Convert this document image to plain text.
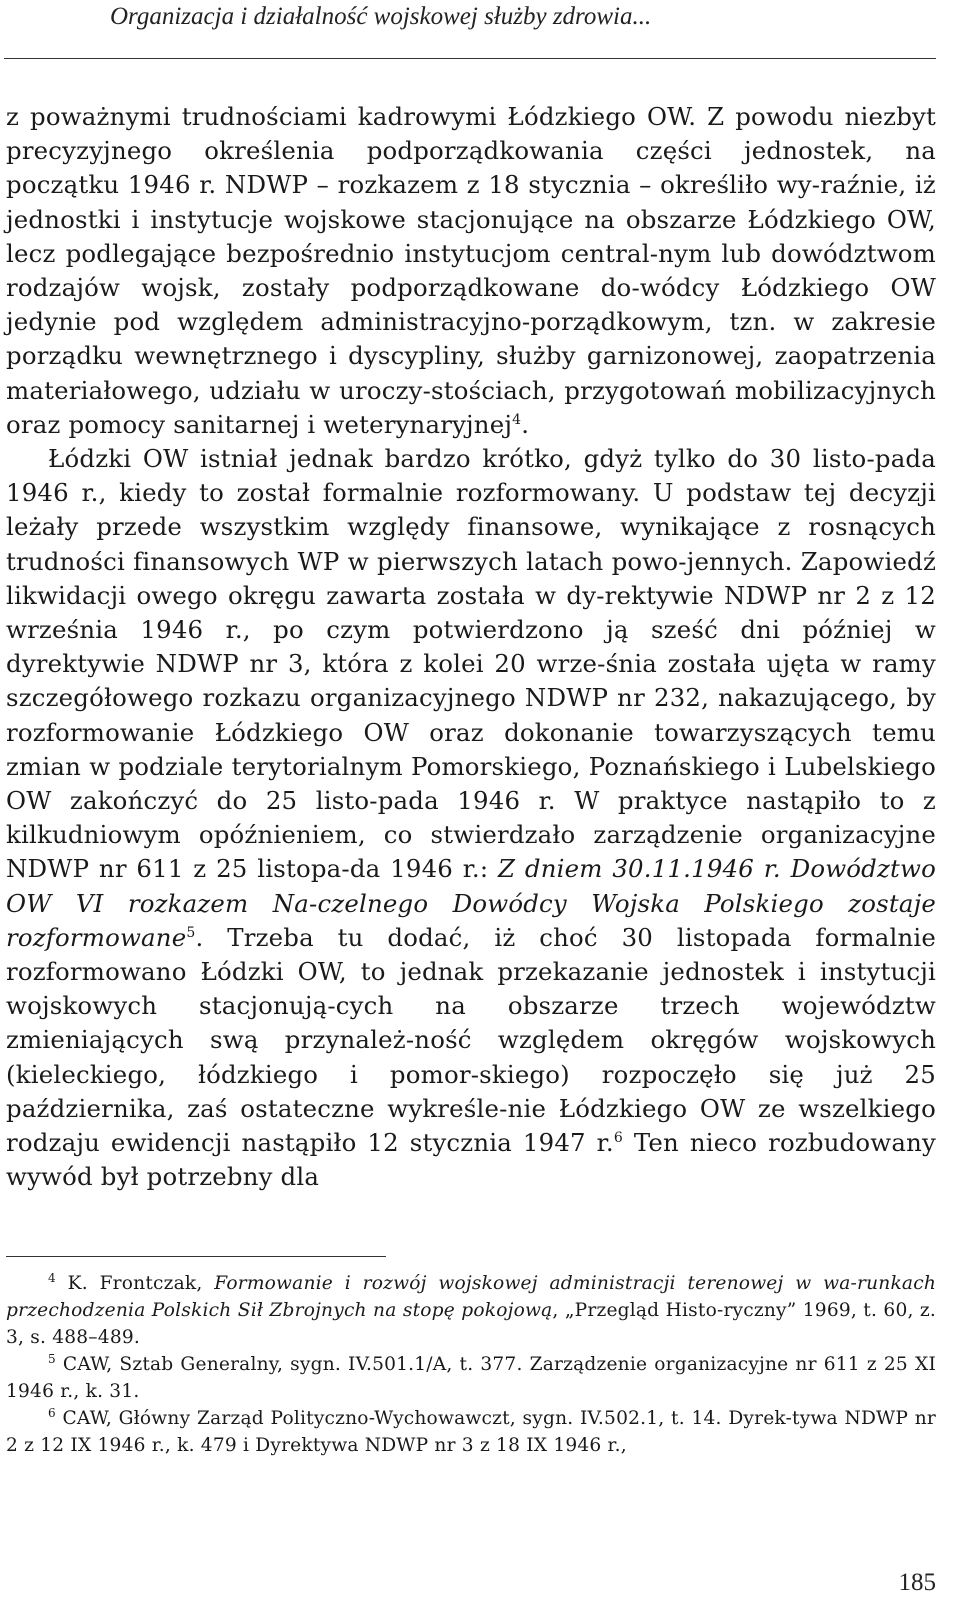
Organizacja i działalność wojskowej służby zdrowia...

z poważnymi trudnościami kadrowymi Łódzkiego OW. Z powodu niezbyt precyzyjnego określenia podporządkowania części jednostek, na początku 1946 r. NDWP – rozkazem z 18 stycznia – określiło wy-raźnie, iż jednostki i instytucje wojskowe stacjonujące na obszarze Łódzkiego OW, lecz podlegające bezpośrednio instytucjom central-nym lub dowództwom rodzajów wojsk, zostały podporządkowane do-wódcy Łódzkiego OW jedynie pod względem administracyjno-porządkowym, tzn. w zakresie porządku wewnętrznego i dyscypliny, służby garnizonowej, zaopatrzenia materiałowego, udziału w uroczy-stościach, przygotowań mobilizacyjnych oraz pomocy sanitarnej i weterynaryjnej$^4$.

Łódzki OW istniał jednak bardzo krótko, gdyż tylko do 30 listo-pada 1946 r., kiedy to został formalnie rozformowany. U podstaw tej decyzji leżały przede wszystkim względy finansowe, wynikające z rosnących trudności finansowych WP w pierwszych latach powo-jennych. Zapowiedź likwidacji owego okręgu zawarta została w dy-rektywie NDWP nr 2 z 12 września 1946 r., po czym potwierdzono ją sześć dni później w dyrektywie NDWP nr 3, która z kolei 20 wrze-śnia została ujęta w ramy szczegółowego rozkazu organizacyjnego NDWP nr 232, nakazującego, by rozformowanie Łódzkiego OW oraz dokonanie towarzyszących temu zmian w podziale terytorialnym Pomorskiego, Poznańskiego i Lubelskiego OW zakończyć do 25 listo-pada 1946 r. W praktyce nastąpiło to z kilkudniowym opóźnieniem, co stwierdzało zarządzenie organizacyjne NDWP nr 611 z 25 listopa-da 1946 r.: Z dniem 30.11.1946 r. Dowództwo OW VI rozkazem Na-czelnego Dowódcy Wojska Polskiego zostaje rozformowane$^5$. Trzeba tu dodać, iż choć 30 listopada formalnie rozformowano Łódzki OW, to jednak przekazanie jednostek i instytucji wojskowych stacjonują-cych na obszarze trzech województw zmieniających swą przynależ-ność względem okręgów wojskowych (kieleckiego, łódzkiego i pomor-skiego) rozpoczęło się już 25 października, zaś ostateczne wykreśle-nie Łódzkiego OW ze wszelkiego rodzaju ewidencji nastąpiło 12 stycznia 1947 r.$^6$ Ten nieco rozbudowany wywód był potrzebny dla

$^4$ K. Frontczak, Formowanie i rozwój wojskowej administracji terenowej w wa-runkach przechodzenia Polskich Sił Zbrojnych na stopę pokojową, „Przegląd Histo-ryczny” 1969, t. 60, z. 3, s. 488–489.

$^5$ CAW, Sztab Generalny, sygn. IV.501.1/A, t. 377. Zarządzenie organizacyjne nr 611 z 25 XI 1946 r., k. 31.

$^6$ CAW, Główny Zarząd Polityczno-Wychowawczt, sygn. IV.502.1, t. 14. Dyrek-tywa NDWP nr 2 z 12 IX 1946 r., k. 479 i Dyrektywa NDWP nr 3 z 18 IX 1946 r.,

185
